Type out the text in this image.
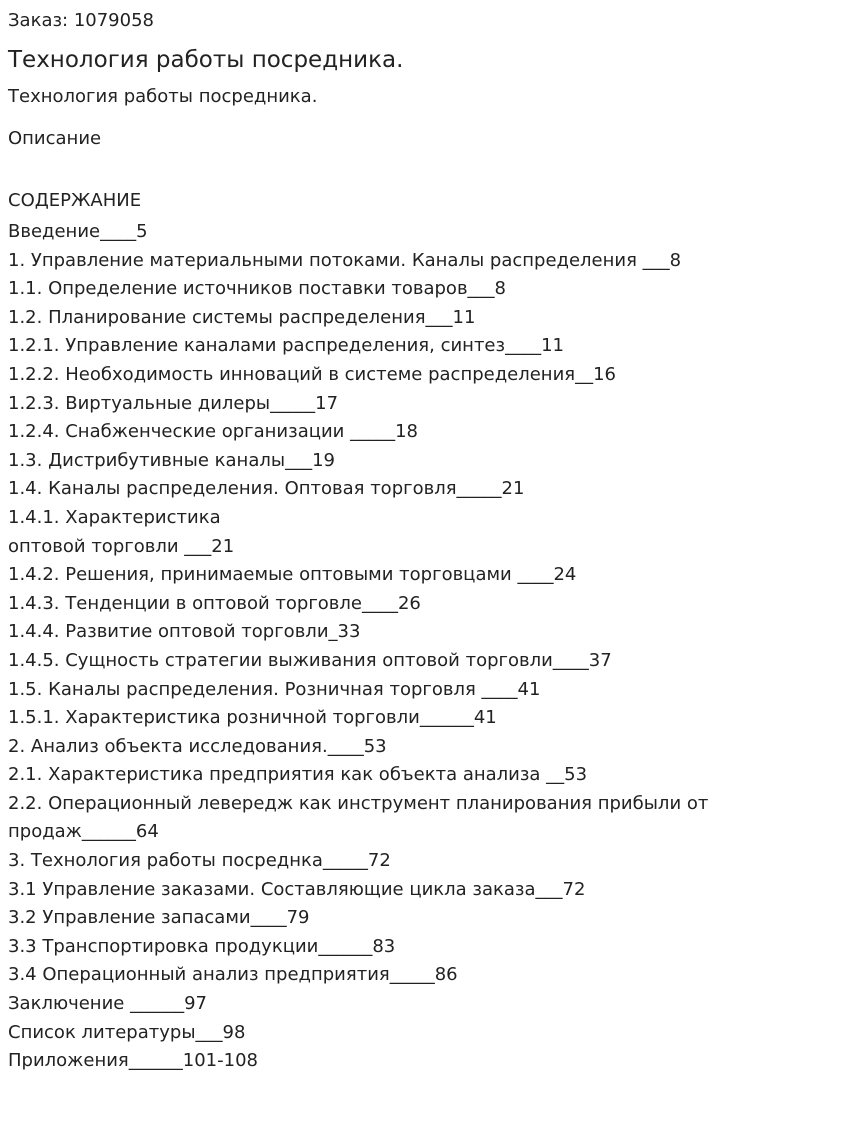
Заказ: 1079058

Технология работы посредника.

Технология работы посредника.

Описание

СОДЕРЖАНИЕ

Введение____5
1. Управление материальными потоками. Каналы распределения ___8
1.1. Определение источников поставки товаров___8
1.2. Планирование системы распределения___11
1.2.1. Управление каналами распределения, синтез____11
1.2.2. Необходимость инноваций в системе распределения__16
1.2.3. Виртуальные дилеры_____17
1.2.4. Снабженческие организации _____18
1.3. Дистрибутивные каналы___19
1.4. Каналы распределения. Оптовая торговля_____21
1.4.1. Характеристика
оптовой торговли ___21
1.4.2. Решения, принимаемые оптовыми торговцами ____24
1.4.3. Тенденции в оптовой торговле____26
1.4.4. Развитие оптовой торговли_33
1.4.5. Сущность стратегии выживания оптовой торговли____37
1.5. Каналы распределения. Розничная торговля ____41
1.5.1. Характеристика розничной торговли______41
2. Анализ объекта исследования.____53
2.1. Характеристика предприятия как объекта анализа __53
2.2. Операционный левередж как инструмент планирования прибыли от
продаж______64
3. Технология работы посреднка_____72
3.1 Управление заказами. Составляющие цикла заказа___72
3.2 Управление запасами____79
3.3 Транспортировка продукции______83
3.4 Операционный анализ предприятия_____86
Заключение ______97
Список литературы___98
Приложения______101-108
